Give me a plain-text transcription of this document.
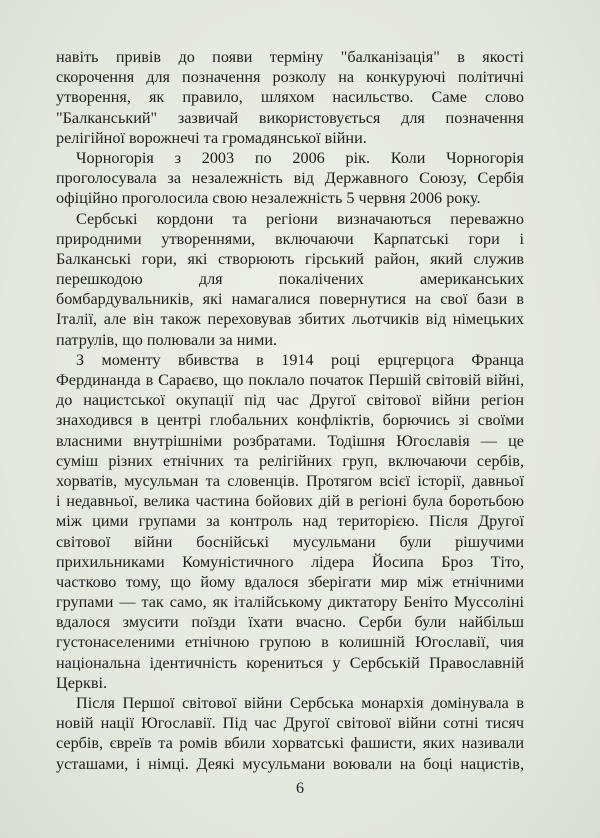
навіть привів до появи терміну "балканізація" в якості
скорочення для позначення розколу на конкуруючі політичні
утворення, як правило, шляхом насильство. Саме слово
"Балканський" зазвичай використовується для позначення
релігійної ворожнечі та громадянської війни.
Чорногорія з 2003 по 2006 рік. Коли Чорногорія
проголосувала за незалежність від Державного Союзу, Сербія
офіційно проголосила свою незалежність 5 червня 2006 року.
Сербські кордони та регіони визначаються переважно
природними утвореннями, включаючи Карпатські гори і
Балканські гори, які створюють гірський район, який служив
перешкодою для покалічених американських
бомбардувальників, які намагалися повернутися на свої бази в
Італії, але він також переховував збитих льотчиків від німецьких
патрулів, що полювали за ними.
З моменту вбивства в 1914 році ерцгерцога Франца
Фердинанда в Сараєво, що поклало початок Першій світовій війні,
до нацистської окупації під час Другої світової війни регіон
знаходився в центрі глобальних конфліктів, борючись зі своїми
власними внутрішніми розбратами. Тодішня Югославія — це
суміш різних етнічних та релігійних груп, включаючи сербів,
хорватів, мусульман та словенців. Протягом всієї історії, давньої
і недавньої, велика частина бойових дій в регіоні була боротьбою
між цими групами за контроль над територією. Після Другої
світової війни боснійські мусульмани були рішучими
прихильниками Комуністичного лідера Йосипа Броз Тіто,
частково тому, що йому вдалося зберігати мир між етнічними
групами — так само, як італійському диктатору Беніто Муссоліні
вдалося змусити поїзди їхати вчасно. Серби були найбільш
густонаселеними етнічною групою в колишній Югославії, чия
національна ідентичність корениться у Сербській Православній
Церкві.
Після Першої світової війни Сербська монархія домінувала в
новій нації Югославії. Під час Другої світової війни сотні тисяч
сербів, євреїв та ромів вбили хорватські фашисти, яких називали
усташами, і німці. Деякі мусульмани воювали на боці нацистів,
6
